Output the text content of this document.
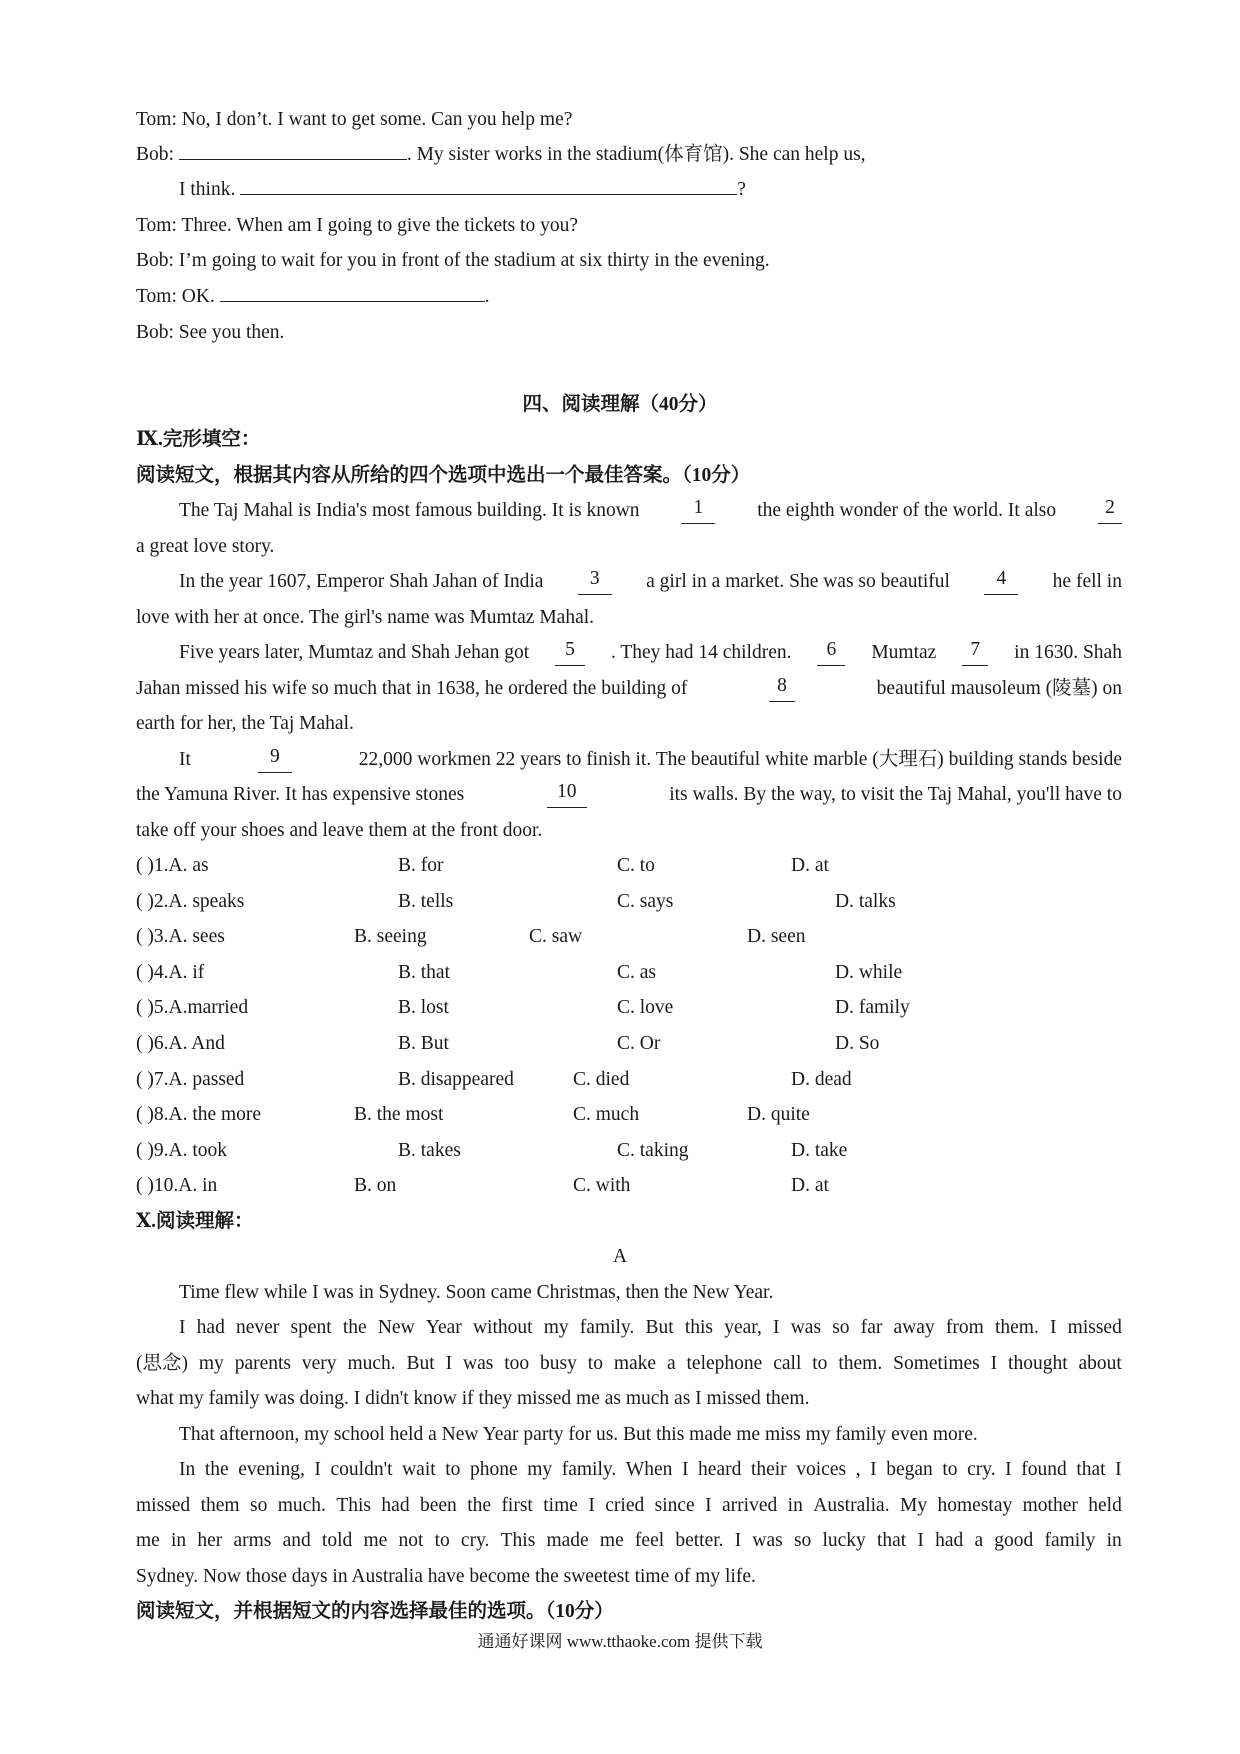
Tom: No, I don’t. I want to get some. Can you help me?
Bob:	. My sister works in the stadium(体育馆). She can help us,
I think.	?
Tom: Three. When am I going to give the tickets to you?
Bob: I’m going to wait for you in front of the stadium at six thirty in the evening.
Tom: OK.	.
Bob: See you then.
四、阅读理解（40分）
Ⅸ.完形填空：
阅读短文，根据其内容从所给的四个选项中选出一个最佳答案。（10分）
The Taj Mahal is India's most famous building. It is known	1	the eighth wonder of the world. It also	2
a great love story.
In the year 1607, Emperor Shah Jahan of India	3	a girl in a market. She was so beautiful	4	he fell in
love with her at once. The girl's name was Mumtaz Mahal.
Five years later, Mumtaz and Shah Jehan got	5	. They had 14 children.	6	Mumtaz	7	in 1630. Shah
Jahan missed his wife so much that in 1638, he ordered the building of	8	beautiful mausoleum (陵墓) on
earth for her, the Taj Mahal.
It	9	22,000 workmen 22 years to finish it. The beautiful white marble (大理石) building stands beside
the Yamuna River. It has expensive stones	10	its walls. By the way, to visit the Taj Mahal, you'll have to
take off your shoes and leave them at the front door.
( )1.A. as	B. for	C. to	D. at
( )2.A. speaks	B. tells	C. says	D. talks
( )3.A. sees	B. seeing	C. saw	D. seen
( )4.A. if	B. that	C. as	D. while
( )5.A.married	B. lost	C. love	D. family
( )6.A. And	B. But	C. Or	D. So
( )7.A. passed	B. disappeared	C. died	D. dead
( )8.A. the more	B. the most	C. much	D. quite
( )9.A. took	B. takes	C. taking	D. take
( )10.A. in	B. on	C. with	D. at
Ⅹ.阅读理解：
A
Time flew while I was in Sydney. Soon came Christmas, then the New Year.
I had never spent the New Year without my family. But this year, I was so far away from them. I missed
(思念) my parents very much. But I was too busy to make a telephone call to them. Sometimes I thought about
what my family was doing. I didn't know if they missed me as much as I missed them.
That afternoon, my school held a New Year party for us. But this made me miss my family even more.
In the evening, I couldn't wait to phone my family. When I heard their voices , I began to cry. I found that I
missed them so much. This had been the first time I cried since I arrived in Australia. My homestay mother held
me in her arms and told me not to cry. This made me feel better. I was so lucky that I had a good family in
Sydney. Now those days in Australia have become the sweetest time of my life.
阅读短文，并根据短文的内容选择最佳的选项。（10分）
通通好课网 www.tthaoke.com 提供下载
